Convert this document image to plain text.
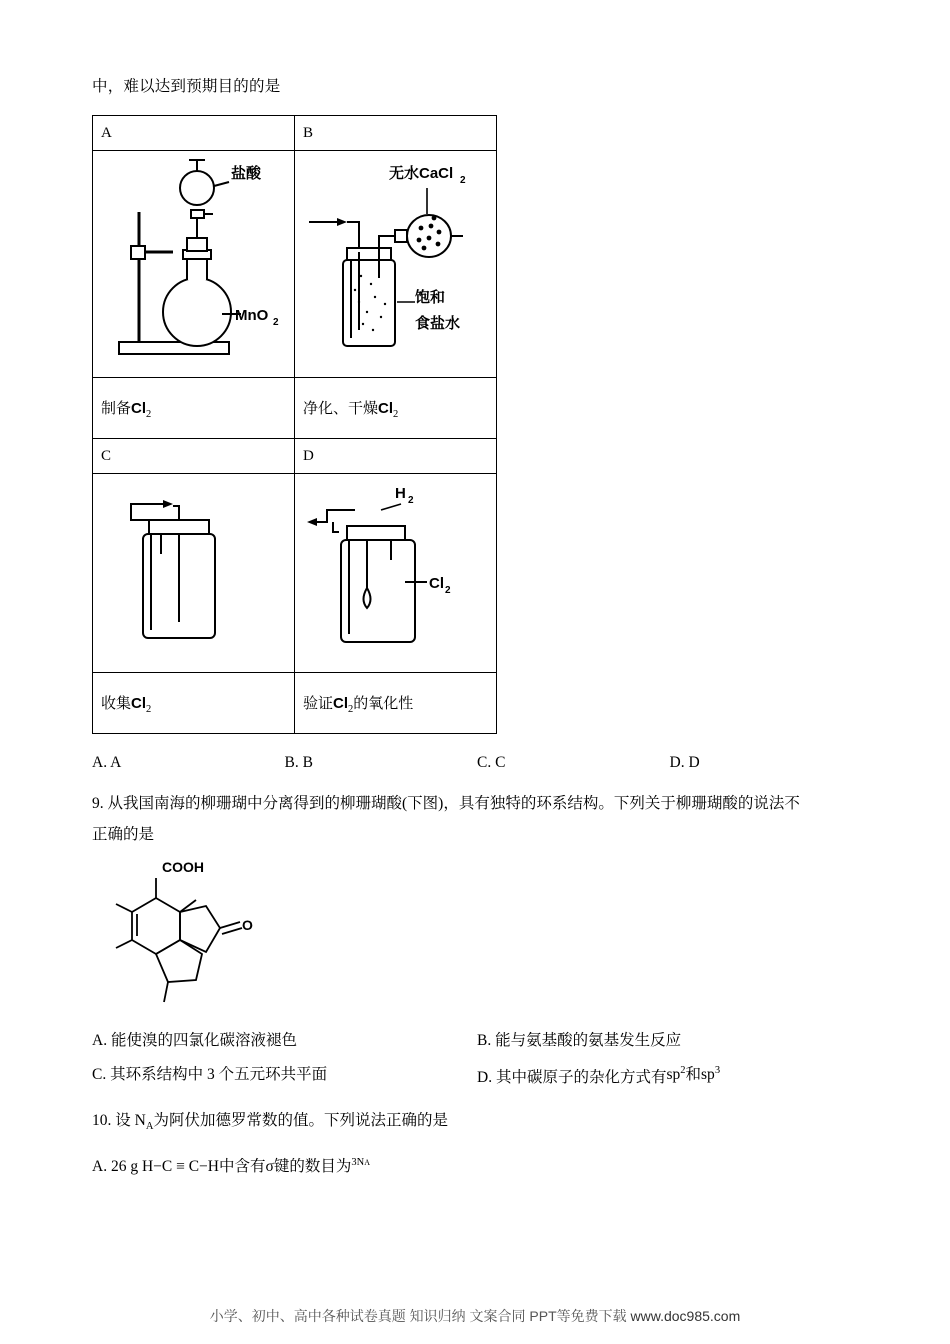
中，难以达到预期目的的是
A	B

盐酸
MnO 2	无水CaCl 2
饱和
食盐水

制备$Cl_2$	净化、干燥$Cl_2$
C	D

H 2
Cl 2

收集$Cl_2$	验证$Cl_2$的氧化性
A. A	B. B	C. C	D. D
9. 从我国南海的柳珊瑚中分离得到的柳珊瑚酸(下图)，具有独特的环系结构。下列关于柳珊瑚酸的说法不
正确的是
COOH
O
A. 能使溴的四氯化碳溶液褪色	B. 能与氨基酸的氨基发生反应
C. 其环系结构中 3 个五元环共平面	D. 其中碳原子的杂化方式有$sp^2$和$sp^3$
10. 设 $N_A$为阿伏加德罗常数的值。下列说法正确的是
A. 26 g H−C ≡ C−H中含有σ键的数目为$^{3NA}$
小学、初中、高中各种试卷真题 知识归纳 文案合同 PPT等免费下载 www.doc985.com
